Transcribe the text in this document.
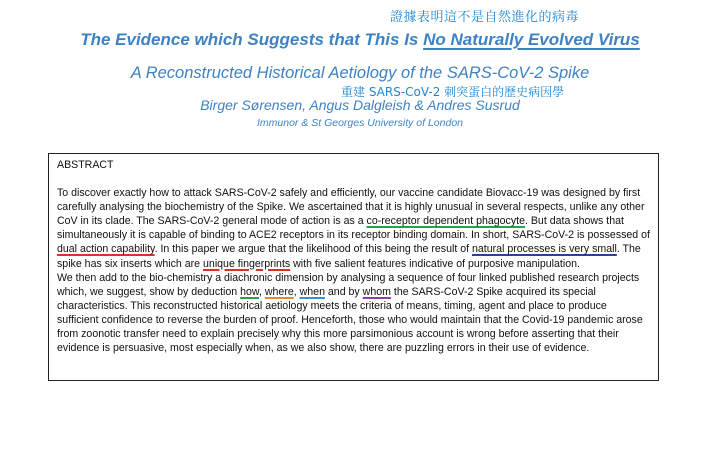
證據表明這不是自然進化的病毒
The Evidence which Suggests that This Is No Naturally Evolved Virus
A Reconstructed Historical Aetiology of the SARS-CoV-2 Spike
重建 SARS-CoV-2 刺突蛋白的歷史病因學
Birger Sørensen, Angus Dalgleish & Andres Susrud
Immunor & St Georges University of London
ABSTRACT

To discover exactly how to attack SARS-CoV-2 safely and efficiently, our vaccine candidate Biovacc-19 was designed by first carefully analysing the biochemistry of the Spike. We ascertained that it is highly unusual in several respects, unlike any other CoV in its clade. The SARS-CoV-2 general mode of action is as a co-receptor dependent phagocyte. But data shows that simultaneously it is capable of binding to ACE2 receptors in its receptor binding domain. In short, SARS-CoV-2 is possessed of dual action capability. In this paper we argue that the likelihood of this being the result of natural processes is very small. The spike has six inserts which are unique fingerprints with five salient features indicative of purposive manipulation.

We then add to the bio-chemistry a diachronic dimension by analysing a sequence of four linked published research projects which, we suggest, show by deduction how, where, when and by whom the SARS-CoV-2 Spike acquired its special characteristics. This reconstructed historical aetiology meets the criteria of means, timing, agent and place to produce sufficient confidence to reverse the burden of proof. Henceforth, those who would maintain that the Covid-19 pandemic arose from zoonotic transfer need to explain precisely why this more parsimonious account is wrong before asserting that their evidence is persuasive, most especially when, as we also show, there are puzzling errors in their use of evidence.
